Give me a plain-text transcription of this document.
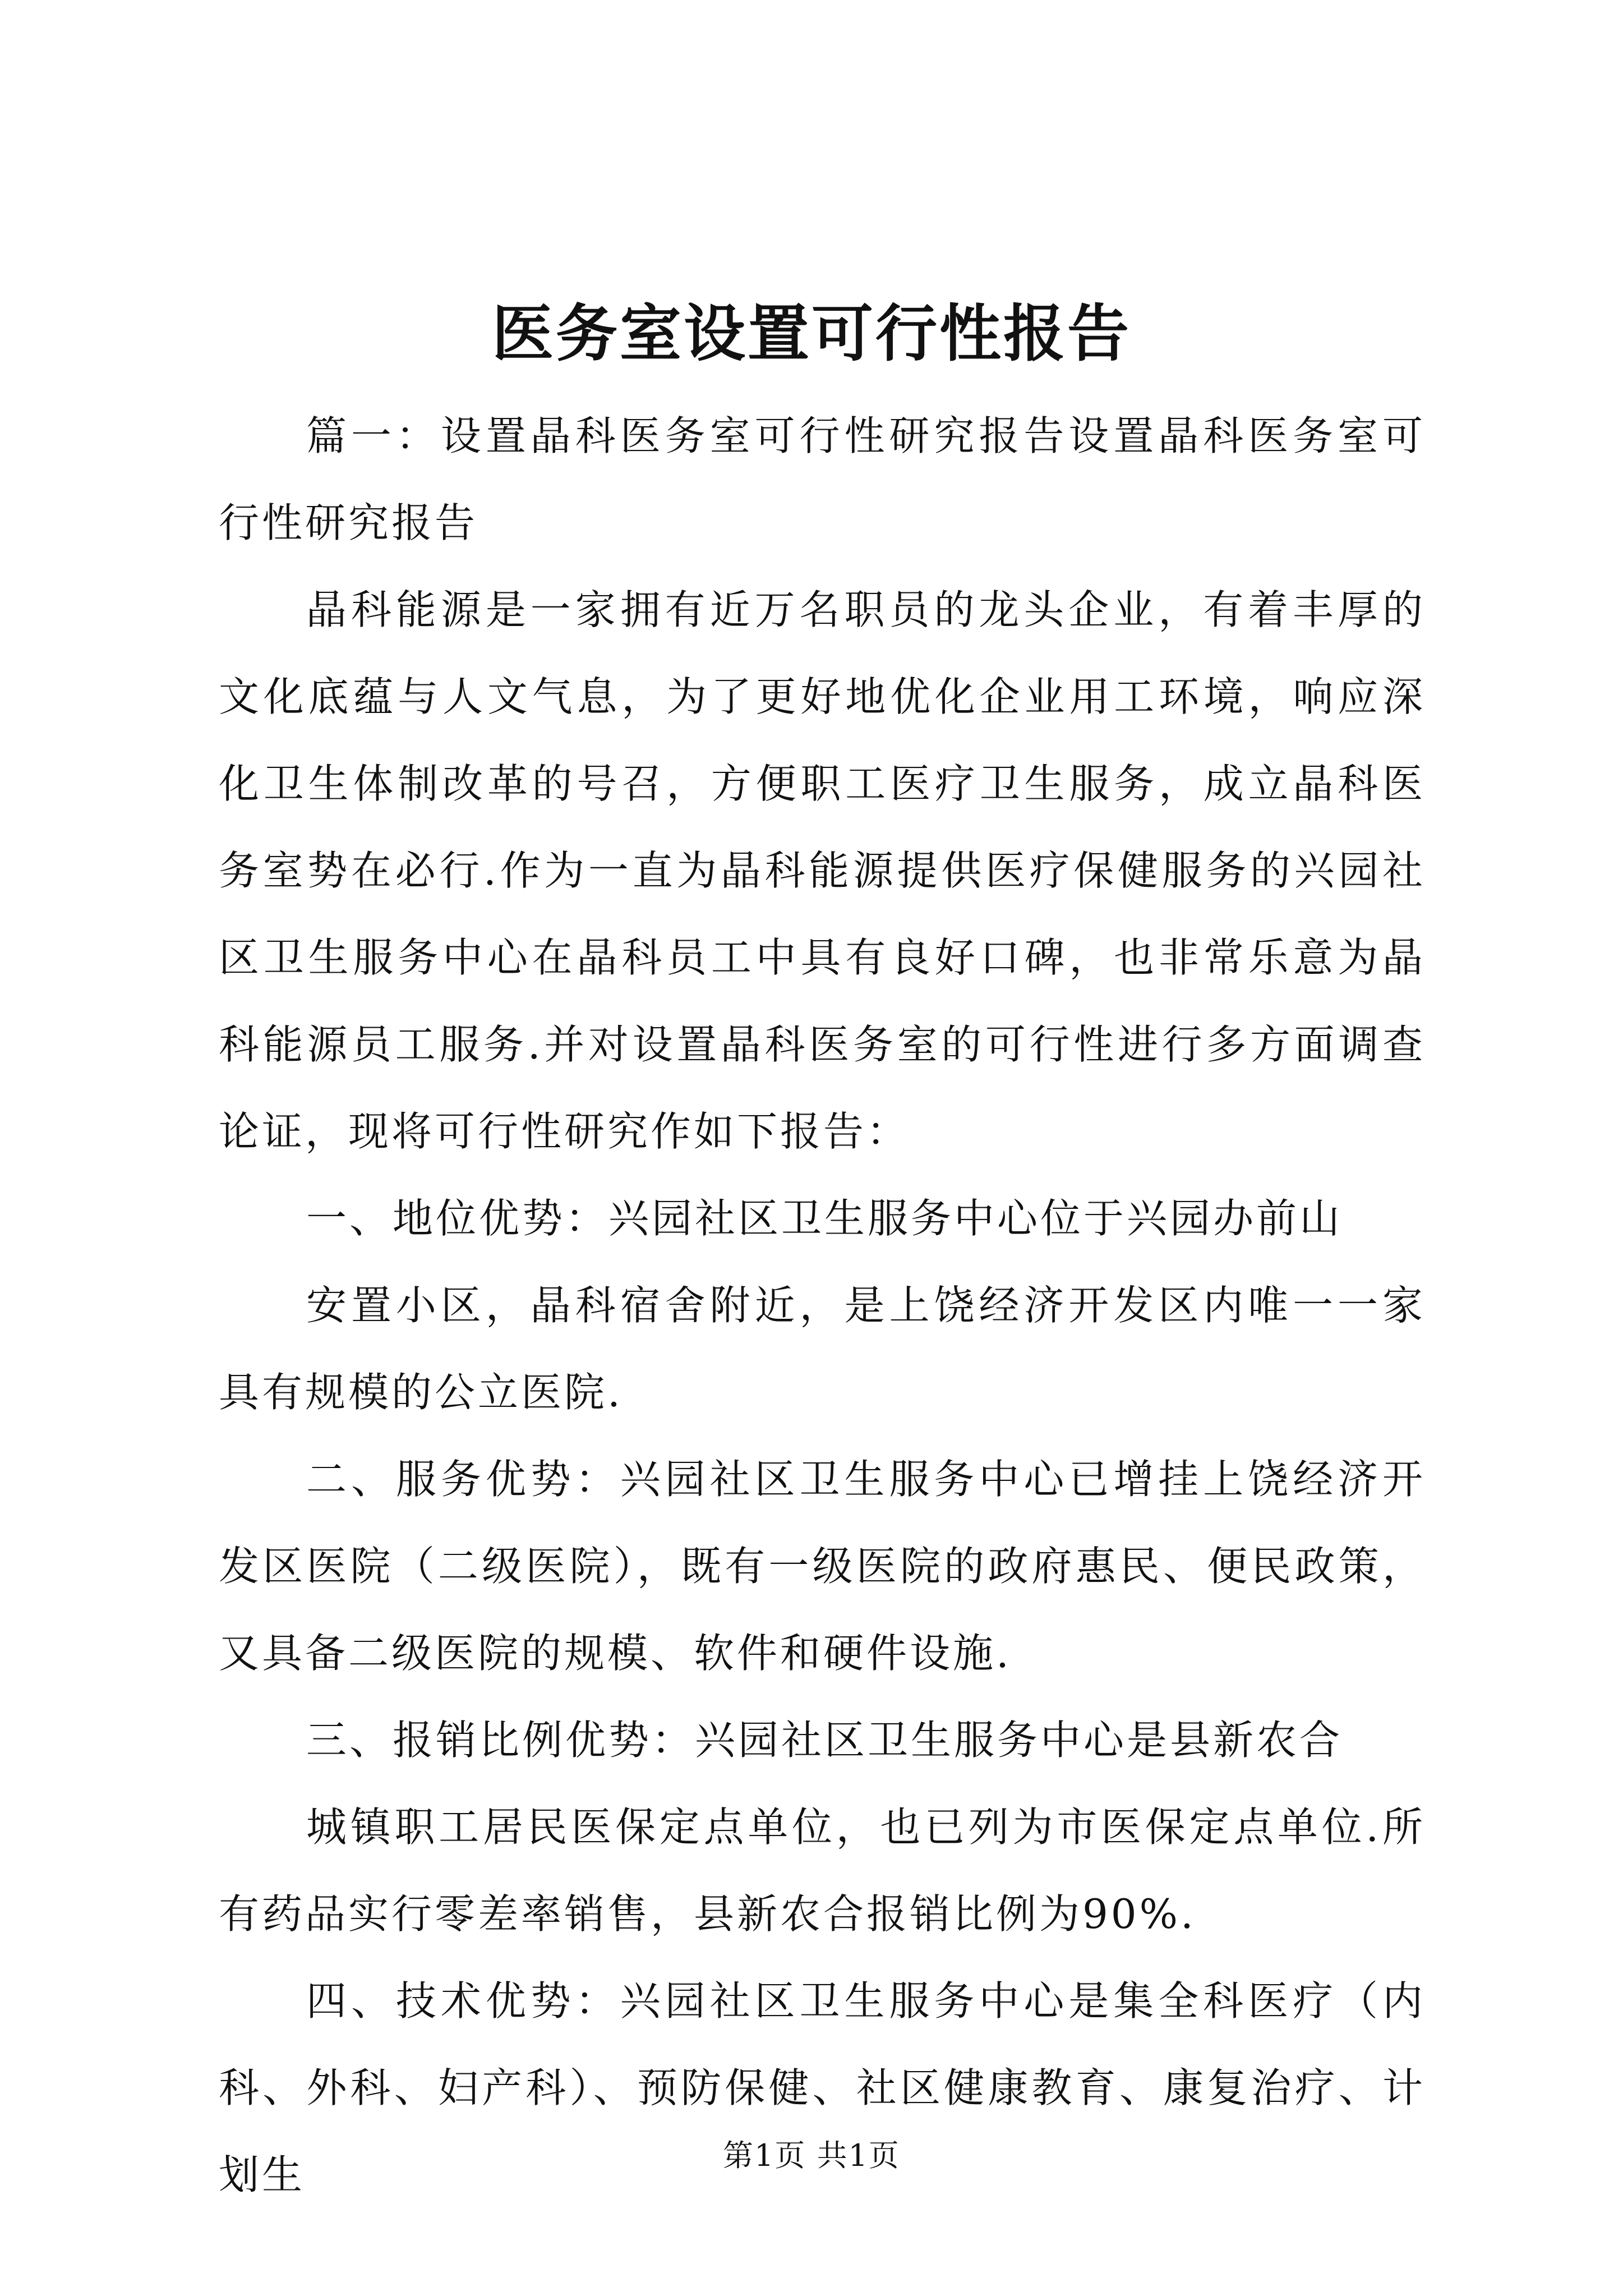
医务室设置可行性报告

篇一：设置晶科医务室可行性研究报告设置晶科医务室可行性研究报告

晶科能源是一家拥有近万名职员的龙头企业，有着丰厚的文化底蕴与人文气息，为了更好地优化企业用工环境，响应深化卫生体制改革的号召，方便职工医疗卫生服务，成立晶科医务室势在必行.作为一直为晶科能源提供医疗保健服务的兴园社区卫生服务中心在晶科员工中具有良好口碑，也非常乐意为晶科能源员工服务.并对设置晶科医务室的可行性进行多方面调查论证，现将可行性研究作如下报告：

一、地位优势：兴园社区卫生服务中心位于兴园办前山

安置小区，晶科宿舍附近，是上饶经济开发区内唯一一家具有规模的公立医院.

二、服务优势：兴园社区卫生服务中心已增挂上饶经济开发区医院（二级医院），既有一级医院的政府惠民、便民政策，又具备二级医院的规模、软件和硬件设施.

三、报销比例优势：兴园社区卫生服务中心是县新农合

城镇职工居民医保定点单位，也已列为市医保定点单位.所有药品实行零差率销售，县新农合报销比例为90%.

四、技术优势：兴园社区卫生服务中心是集全科医疗（内科、外科、妇产科）、预防保健、社区健康教育、康复治疗、计划生	第1页 共1页
